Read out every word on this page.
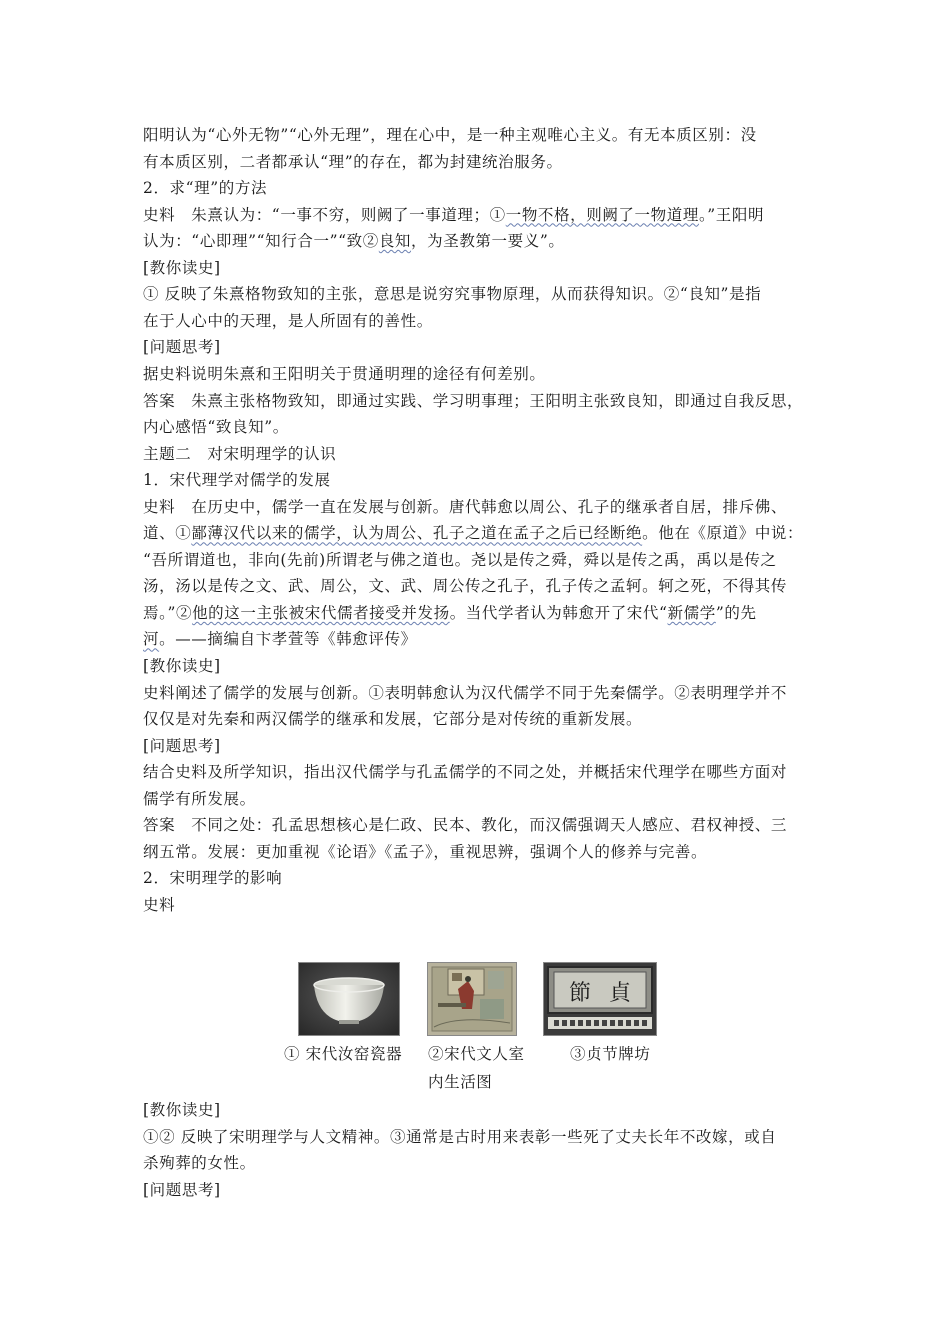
阳明认为“心外无物”“心外无理”，理在心中，是一种主观唯心主义。有无本质区别：没
有本质区别，二者都承认“理”的存在，都为封建统治服务。
2．求“理”的方法
史料　朱熹认为：“一事不穷，则阙了一事道理；①一物不格，则阙了一物道理。”王阳明
认为：“心即理”“知行合一”“致②良知，为圣教第一要义”。
[教你读史]
① 反映了朱熹格物致知的主张，意思是说穷究事物原理，从而获得知识。②“良知”是指
在于人心中的天理，是人所固有的善性。
[问题思考]
据史料说明朱熹和王阳明关于贯通明理的途径有何差别。
答案　朱熹主张格物致知，即通过实践、学习明事理；王阳明主张致良知，即通过自我反思，
内心感悟“致良知”。
主题二　对宋明理学的认识
1．宋代理学对儒学的发展
史料　在历史中，儒学一直在发展与创新。唐代韩愈以周公、孔子的继承者自居，排斥佛、
道、①鄙薄汉代以来的儒学，认为周公、孔子之道在孟子之后已经断绝。他在《原道》中说：
“吾所谓道也，非向(先前)所谓老与佛之道也。尧以是传之舜，舜以是传之禹，禹以是传之
汤，汤以是传之文、武、周公，文、武、周公传之孔子，孔子传之孟轲。轲之死，不得其传
焉。”②他的这一主张被宋代儒者接受并发扬。当代学者认为韩愈开了宋代“新儒学”的先
河。——摘编自卞孝萱等《韩愈评传》
[教你读史]
史料阐述了儒学的发展与创新。①表明韩愈认为汉代儒学不同于先秦儒学。②表明理学并不
仅仅是对先秦和两汉儒学的继承和发展，它部分是对传统的重新发展。
[问题思考]
结合史料及所学知识，指出汉代儒学与孔孟儒学的不同之处，并概括宋代理学在哪些方面对
儒学有所发展。
答案　不同之处：孔孟思想核心是仁政、民本、教化，而汉儒强调天人感应、君权神授、三
纲五常。发展：更加重视《论语》《孟子》，重视思辨，强调个人的修养与完善。
2．宋明理学的影响
史料
節 貞
① 宋代汝窑瓷器 ②宋代文人室
内生活图
③贞节牌坊
[教你读史]
①② 反映了宋明理学与人文精神。③通常是古时用来表彰一些死了丈夫长年不改嫁，或自
杀殉葬的女性。
[问题思考]
